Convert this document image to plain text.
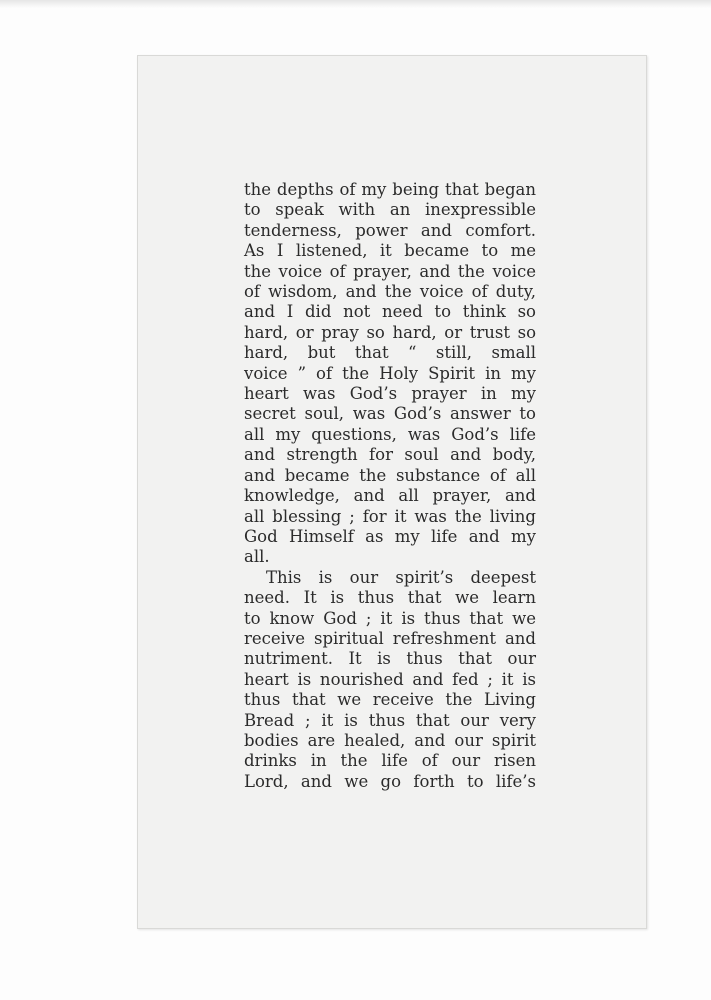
the depths of my being that began
to speak with an inexpressible
tenderness, power and comfort.
As I listened, it became to me
the voice of prayer, and the voice
of wisdom, and the voice of duty,
and I did not need to think so
hard, or pray so hard, or trust so
hard, but that “ still, small
voice ” of the Holy Spirit in my
heart was God’s prayer in my
secret soul, was God’s answer to
all my questions, was God’s life
and strength for soul and body,
and became the substance of all
knowledge, and all prayer, and
all blessing ; for it was the living
God Himself as my life and my
all.
This is our spirit’s deepest
need. It is thus that we learn
to know God ; it is thus that we
receive spiritual refreshment and
nutriment. It is thus that our
heart is nourished and fed ; it is
thus that we receive the Living
Bread ; it is thus that our very
bodies are healed, and our spirit
drinks in the life of our risen
Lord, and we go forth to life’s
